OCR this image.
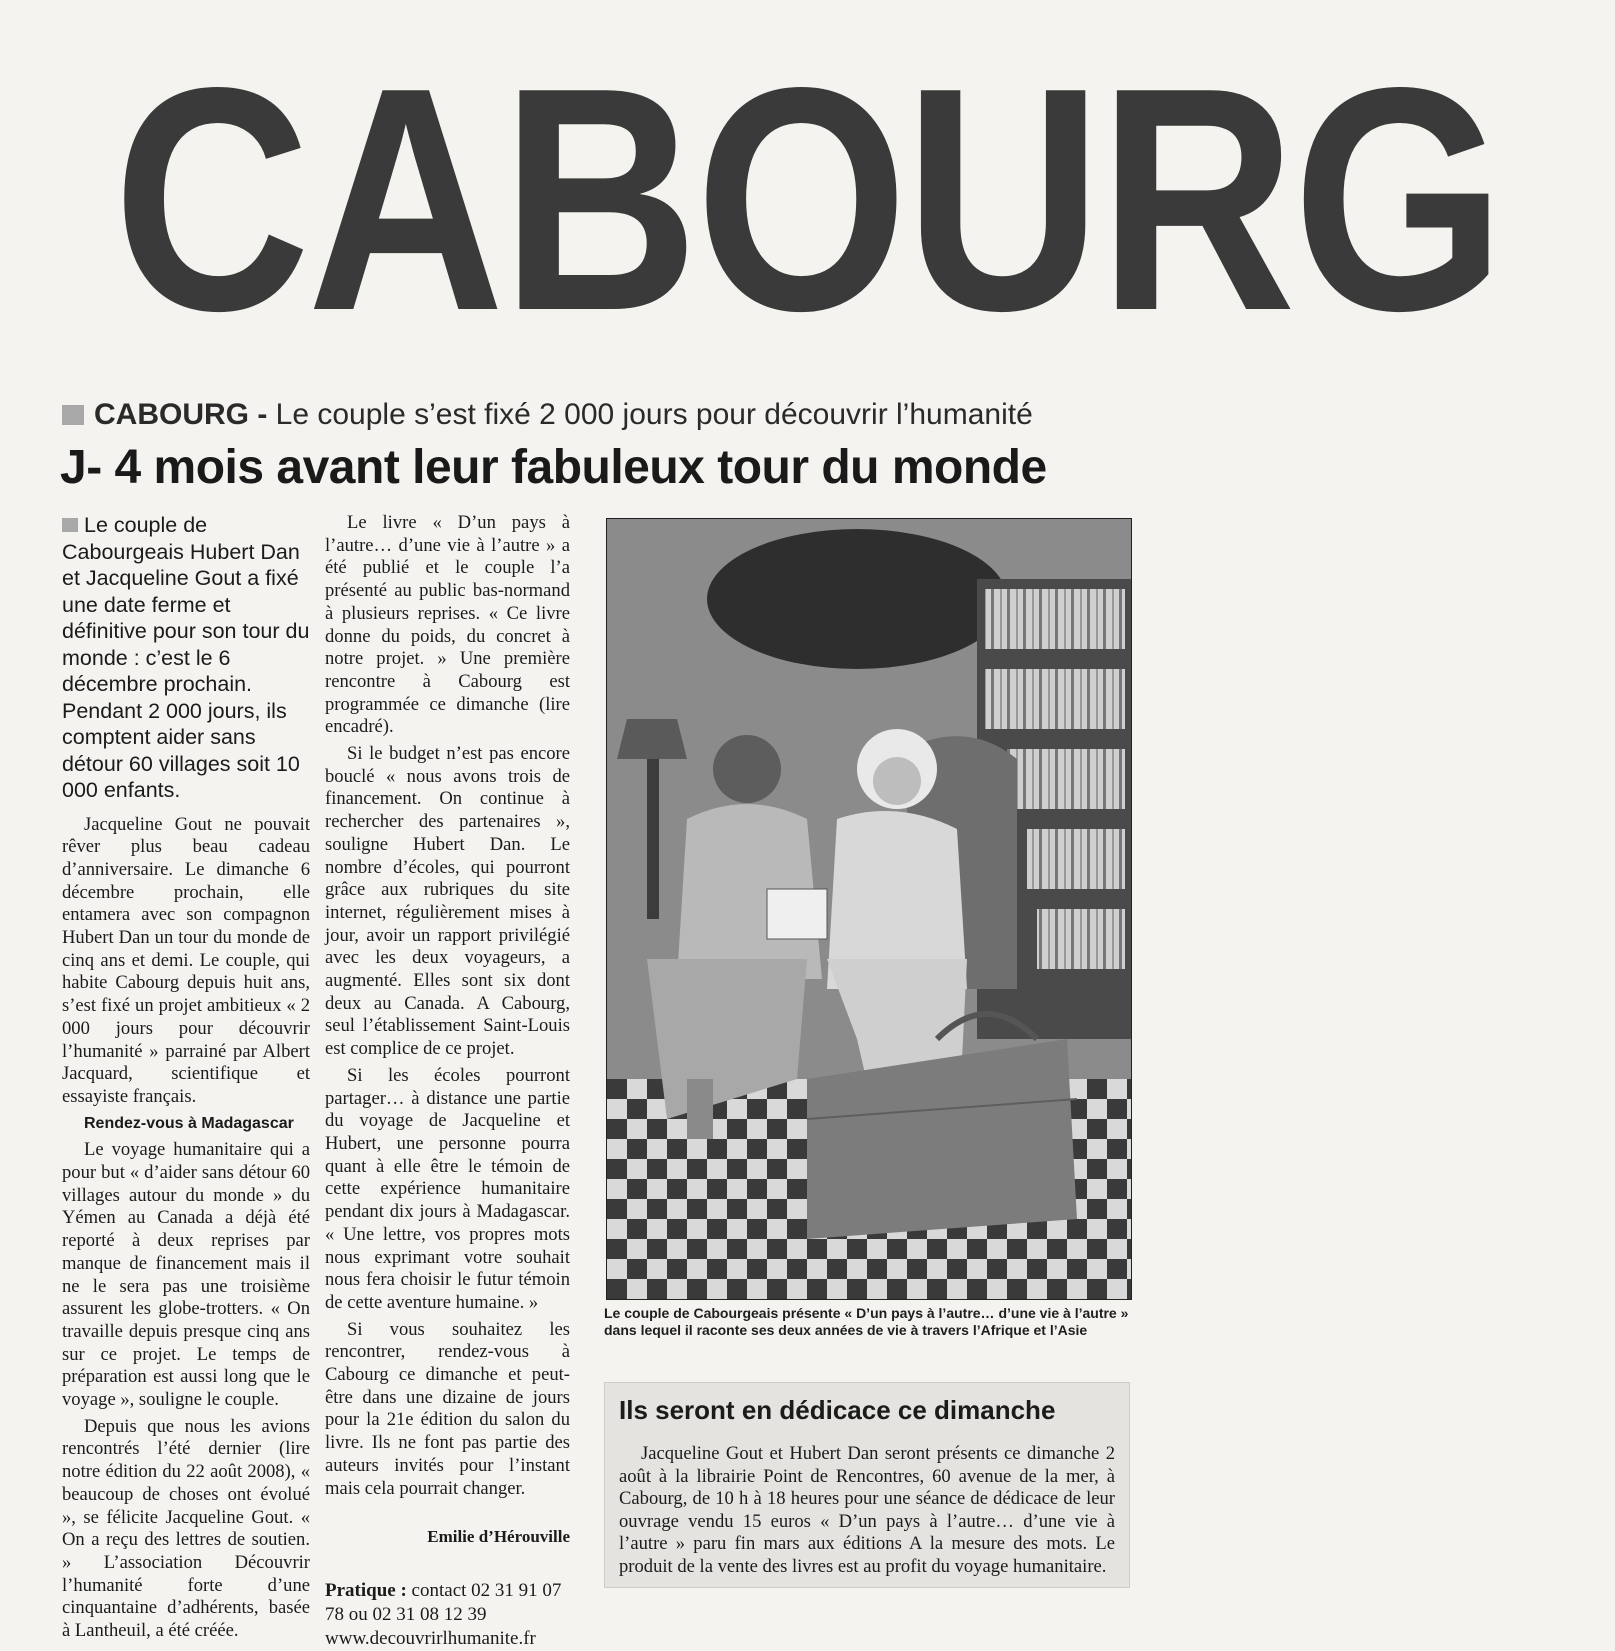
CABOURG
CABOURG - Le couple s’est fixé 2 000 jours pour découvrir l’humanité
J- 4 mois avant leur fabuleux tour du monde

Le couple de Cabourgeais Hubert Dan et Jacqueline Gout a fixé une date ferme et définitive pour son tour du monde : c’est le 6 décembre prochain. Pendant 2 000 jours, ils comptent aider sans détour 60 villages soit 10 000 enfants.

Jacqueline Gout ne pouvait rêver plus beau cadeau d’anniversaire. Le dimanche 6 décembre prochain, elle entamera avec son compagnon Hubert Dan un tour du monde de cinq ans et demi. Le couple, qui habite Cabourg depuis huit ans, s’est fixé un projet ambitieux « 2 000 jours pour découvrir l’humanité » parrainé par Albert Jacquard, scientifique et essayiste français.

Rendez-vous à Madagascar

Le voyage humanitaire qui a pour but « d’aider sans détour 60 villages autour du monde » du Yémen au Canada a déjà été reporté à deux reprises par manque de financement mais il ne le sera pas une troisième assurent les globe-trotters. « On travaille depuis presque cinq ans sur ce projet. Le temps de préparation est aussi long que le voyage », souligne le couple.

Depuis que nous les avions rencontrés l’été dernier (lire notre édition du 22 août 2008), « beaucoup de choses ont évolué », se félicite Jacqueline Gout. « On a reçu des lettres de soutien. » L’association Découvrir l’humanité forte d’une cinquantaine d’adhérents, basée à Lantheuil, a été créée.

Le livre « D’un pays à l’autre… d’une vie à l’autre » a été publié et le couple l’a présenté au public bas-normand à plusieurs reprises. « Ce livre donne du poids, du concret à notre projet. » Une première rencontre à Cabourg est programmée ce dimanche (lire encadré).

Si le budget n’est pas encore bouclé « nous avons trois de financement. On continue à rechercher des partenaires », souligne Hubert Dan. Le nombre d’écoles, qui pourront grâce aux rubriques du site internet, régulièrement mises à jour, avoir un rapport privilégié avec les deux voyageurs, a augmenté. Elles sont six dont deux au Canada. A Cabourg, seul l’établissement Saint-Louis est complice de ce projet.

Si les écoles pourront partager… à distance une partie du voyage de Jacqueline et Hubert, une personne pourra quant à elle être le témoin de cette expérience humanitaire pendant dix jours à Madagascar. « Une lettre, vos propres mots nous exprimant votre souhait nous fera choisir le futur témoin de cette aventure humaine. »

Si vous souhaitez les rencontrer, rendez-vous à Cabourg ce dimanche et peut-être dans une dizaine de jours pour la 21e édition du salon du livre. Ils ne font pas partie des auteurs invités pour l’instant mais cela pourrait changer.

Emilie d’Hérouville

Pratique : contact 02 31 91 07 78 ou 02 31 08 12 39
www.decouvrirlhumanite.fr

Le couple de Cabourgeais présente « D’un pays à l’autre… d’une vie à l’autre » dans lequel il raconte ses deux années de vie à travers l’Afrique et l’Asie
Ils seront en dédicace ce dimanche
Jacqueline Gout et Hubert Dan seront présents ce dimanche 2 août à la librairie Point de Rencontres, 60 avenue de la mer, à Cabourg, de 10 h à 18 heures pour une séance de dédicace de leur ouvrage vendu 15 euros « D’un pays à l’autre… d’une vie à l’autre » paru fin mars aux éditions A la mesure des mots. Le produit de la vente des livres est au profit du voyage humanitaire.
